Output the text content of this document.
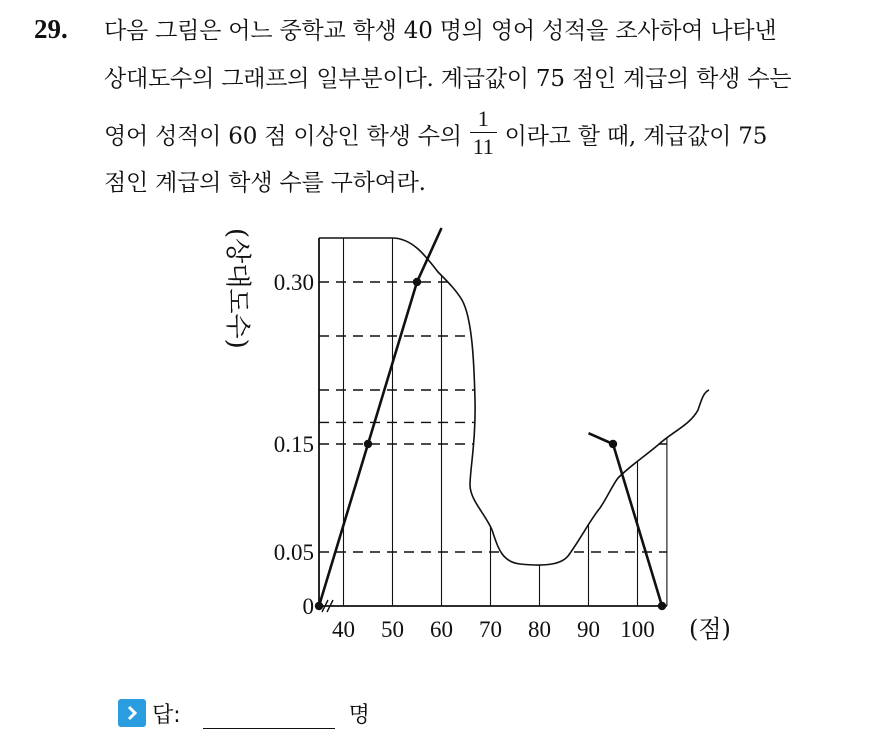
29. 다음 그림은 어느 중학교 학생 40 명의 영어 성적을 조사하여 나타낸
상대도수의 그래프의 일부분이다. 계급값이 75 점인 계급의 학생 수는
영어 성적이 60 점 이상인 학생 수의 $\frac{1}{11}$ 이라고 할 때, 계급값이 75
점인 계급의 학생 수를 구하여라.
0
0.05
0.15
0.30
40 50 60 70 80 90 100 (점)
(상대도수)
답:	명
